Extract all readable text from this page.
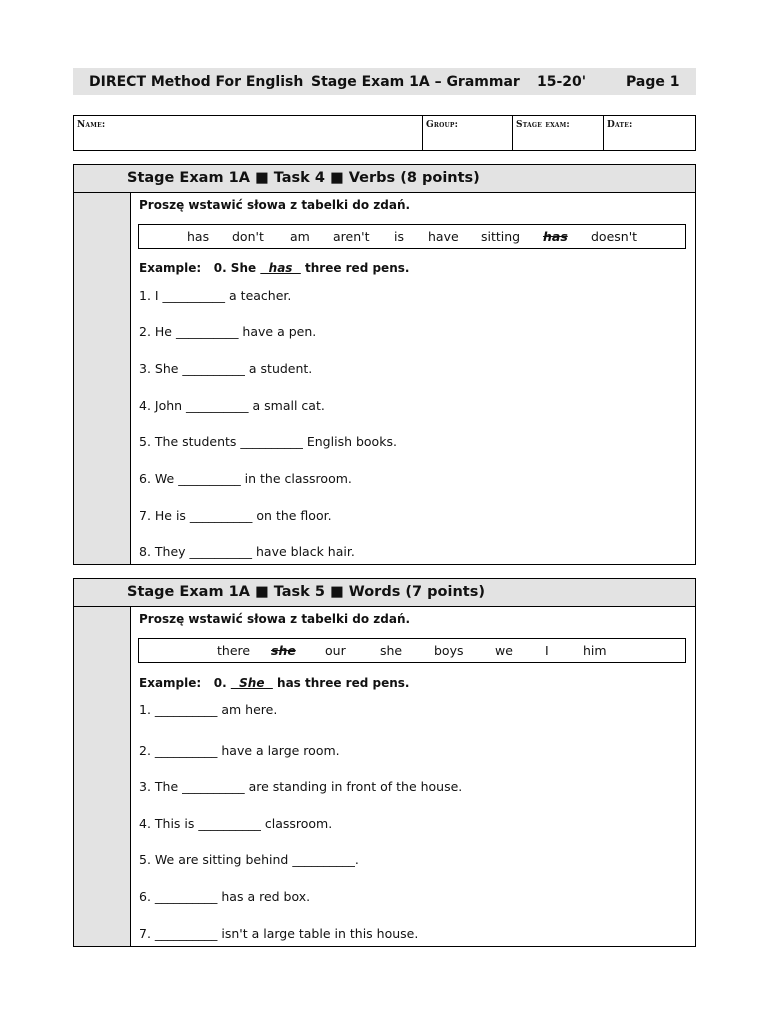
DIRECT Method For English Stage Exam 1A – Grammar 15-20'	Page 1
Name:	Group:	Stage exam:	Date:
Stage Exam 1A ■ Task 4 ■ Verbs (8 points)
Proszę wstawić słowa z tabelki do zdań.
has don't am aren't is have sitting has doesn't
Example:   0. She   has   three red pens.
1. I __________ a teacher.
2. He __________ have a pen.
3. She __________ a student.
4. John __________ a small cat.
5. The students __________ English books.
6. We __________ in the classroom.
7. He is __________ on the floor.
8. They __________ have black hair.
Stage Exam 1A ■ Task 5 ■ Words (7 points)
Proszę wstawić słowa z tabelki do zdań.
there she our	she	boys	we	I	him
Example:   0.   She   has three red pens.
1. __________ am here.
2. __________ have a large room.
3. The __________ are standing in front of the house.
4. This is __________ classroom.
5. We are sitting behind __________.
6. __________ has a red box.
7. __________ isn't a large table in this house.
